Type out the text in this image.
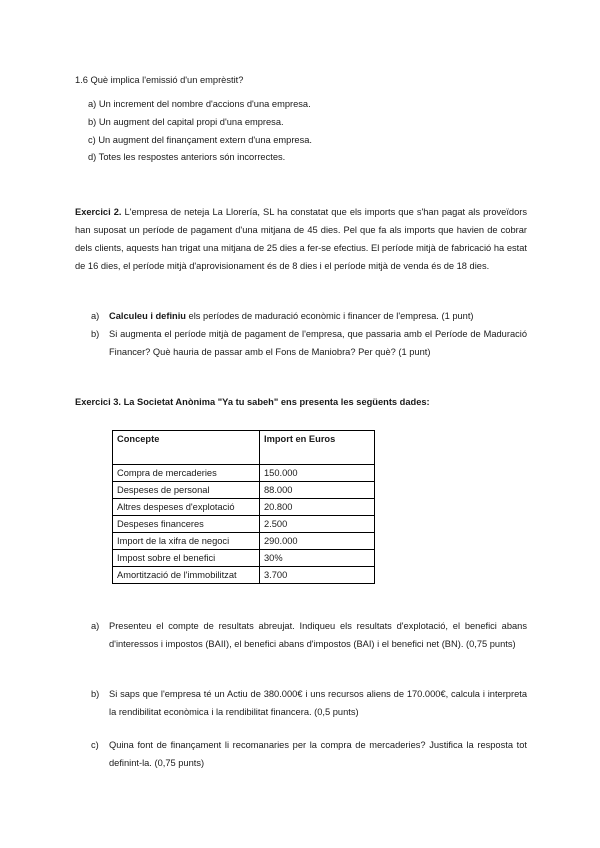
1.6 Què implica l'emissió d'un emprèstit?
a) Un increment del nombre d'accions d'una empresa.
b) Un augment del capital propi d'una empresa.
c) Un augment del finançament extern d'una empresa.
d) Totes les respostes anteriors són incorrectes.
Exercici 2. L'empresa de neteja La Llorería, SL ha constatat que els imports que s'han pagat als proveïdors han suposat un període de pagament d'una mitjana de 45 dies. Pel que fa als imports que havien de cobrar dels clients, aquests han trigat una mitjana de 25 dies a fer-se efectius. El període mitjà de fabricació ha estat de 16 dies, el període mitjà d'aprovisionament és de 8 dies i el període mitjà de venda és de 18 dies.
a) Calculeu i definiu els períodes de maduració econòmic i financer de l'empresa. (1 punt)
b) Si augmenta el període mitjà de pagament de l'empresa, que passaria amb el Període de Maduració Financer? Què hauria de passar amb el Fons de Maniobra? Per què? (1 punt)
Exercici 3. La Societat Anònima "Ya tu sabeh" ens presenta les següents dades:
Concepte	Import en Euros
Compra de mercaderies	150.000
Despeses de personal	88.000
Altres despeses d'explotació	20.800
Despeses financeres	2.500
Import de la xifra de negoci	290.000
Impost sobre el benefici	30%
Amortització de l'immobilitzat	3.700
a) Presenteu el compte de resultats abreujat. Indiqueu els resultats d'explotació, el benefici abans d'interessos i impostos (BAII), el benefici abans d'impostos (BAI) i el benefici net (BN). (0,75 punts)
b) Si saps que l'empresa té un Actiu de 380.000€ i uns recursos aliens de 170.000€, calcula i interpreta la rendibilitat econòmica i la rendibilitat financera. (0,5 punts)
c) Quina font de finançament li recomanaries per la compra de mercaderies? Justifica la resposta tot definint-la. (0,75 punts)
